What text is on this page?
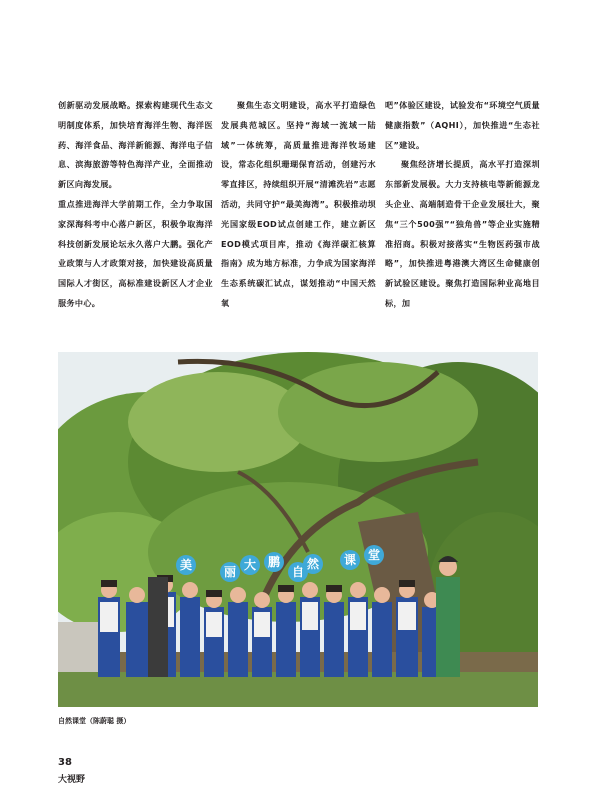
创新驱动发展战略。探索构建现代生态文明制度体系，加快培育海洋生物、海洋医药、海洋食品、海洋新能源、海洋电子信息、滨海旅游等特色海洋产业，全面推动新区向海发展。

重点推进海洋大学前期工作，全力争取国家深海科考中心落户新区，积极争取海洋科技创新发展论坛永久落户大鹏。强化产业政策与人才政策对接，加快建设高质量国际人才街区，高标准建设新区人才企业服务中心。

聚焦生态文明建设，高水平打造绿色发展典范城区。坚持“海域一流域一陆域”一体统筹，高质量推进海洋牧场建设，常态化组织珊瑚保育活动，创建污水零直排区，持续组织开展“清滩洗岩”志愿活动，共同守护“最美海湾”。积极推动坝光国家级EOD试点创建工作，建立新区EOD模式项目库，推动《海洋碳汇核算指南》成为地方标准，力争成为国家海洋生态系统碳汇试点，谋划推动“中国天然氧

吧”体验区建设，试验发布“环境空气质量健康指数”（AQHI），加快推进“生态社区”建设。

聚焦经济增长提质，高水平打造深圳东部新发展极。大力支持核电等新能源龙头企业、高端制造骨干企业发展壮大，聚焦“三个500强”“独角兽”等企业实施精准招商。积极对接落实“生物医药强市战略”，加快推进粤港澳大湾区生命健康创新试验区建设。聚焦打造国际种业高地目标，加

美	丽 大 鹏
自
然 课 堂
自然课堂（陈蔚聪 摄）
38
大视野
